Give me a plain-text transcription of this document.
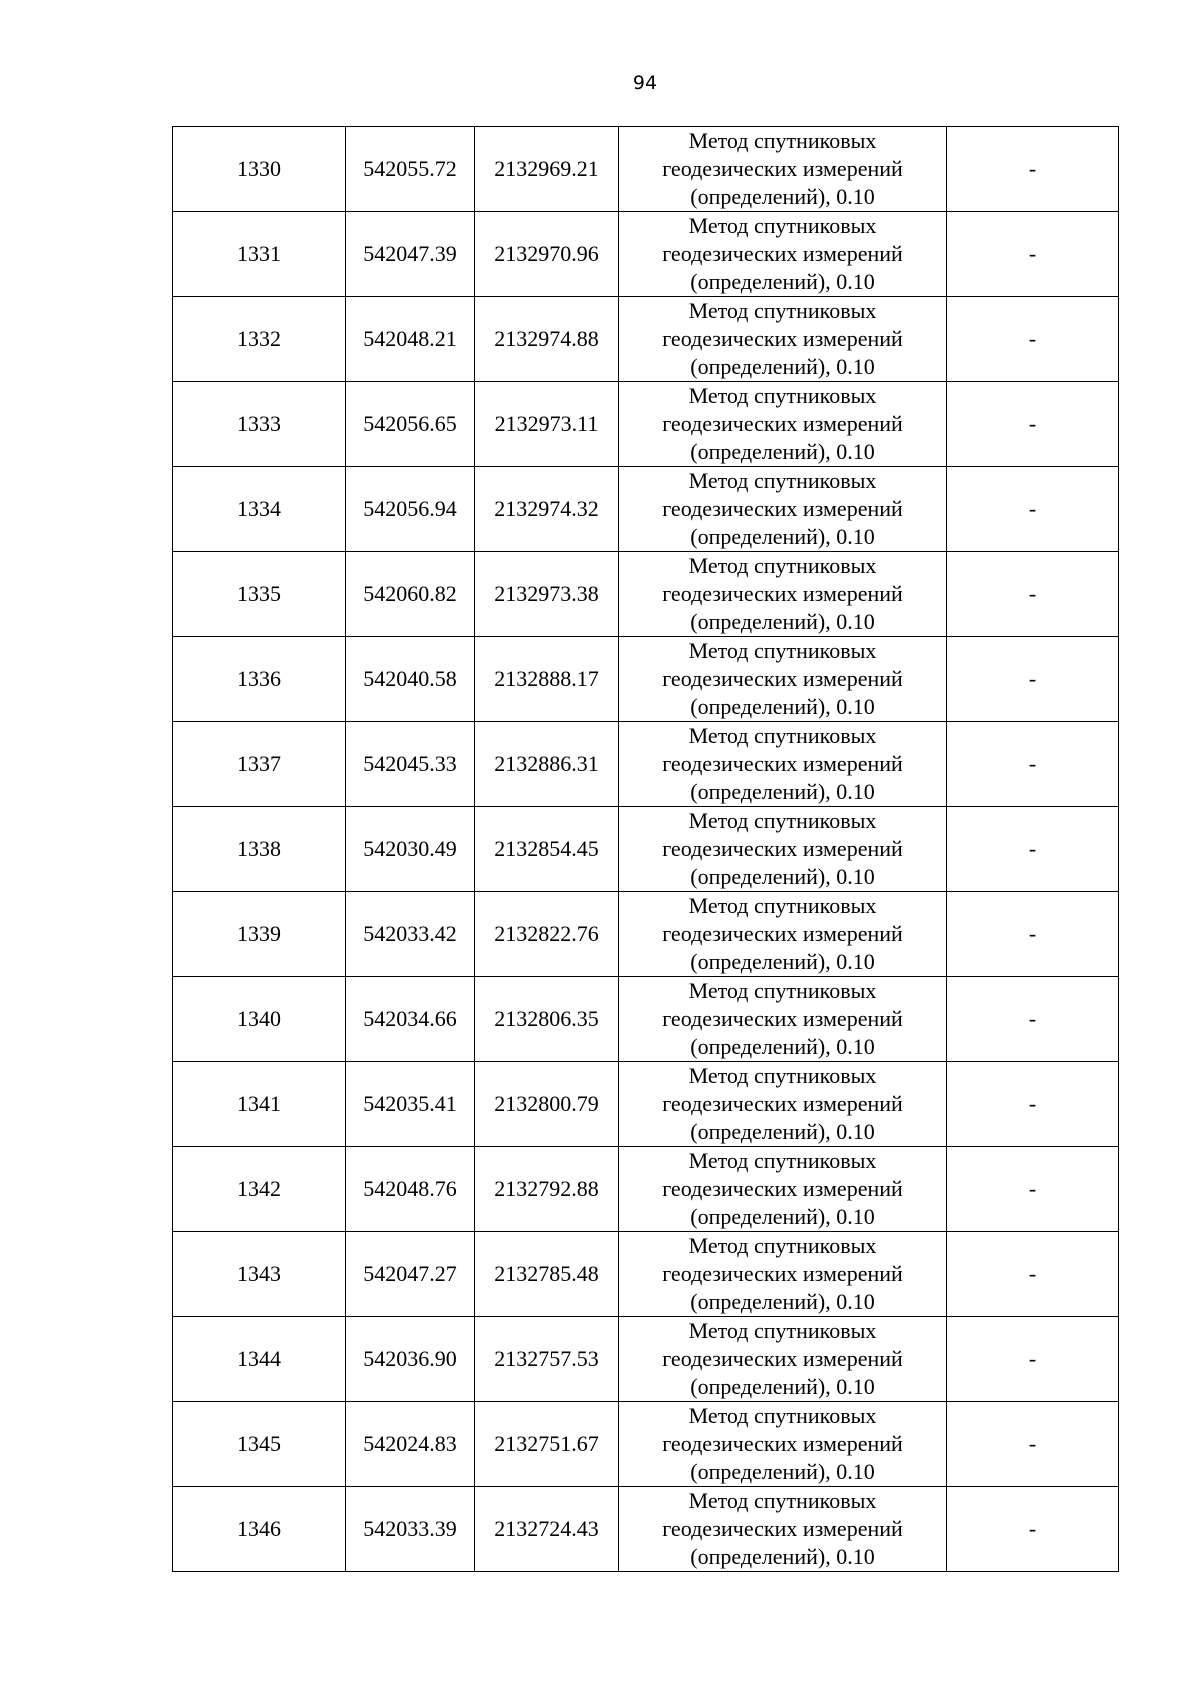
94
1330	542055.72	2132969.21	Метод спутниковых
геодезических измерений
(определений), 0.10	-
1331	542047.39	2132970.96	Метод спутниковых
геодезических измерений
(определений), 0.10	-
1332	542048.21	2132974.88	Метод спутниковых
геодезических измерений
(определений), 0.10	-
1333	542056.65	2132973.11	Метод спутниковых
геодезических измерений
(определений), 0.10	-
1334	542056.94	2132974.32	Метод спутниковых
геодезических измерений
(определений), 0.10	-
1335	542060.82	2132973.38	Метод спутниковых
геодезических измерений
(определений), 0.10	-
1336	542040.58	2132888.17	Метод спутниковых
геодезических измерений
(определений), 0.10	-
1337	542045.33	2132886.31	Метод спутниковых
геодезических измерений
(определений), 0.10	-
1338	542030.49	2132854.45	Метод спутниковых
геодезических измерений
(определений), 0.10	-
1339	542033.42	2132822.76	Метод спутниковых
геодезических измерений
(определений), 0.10	-
1340	542034.66	2132806.35	Метод спутниковых
геодезических измерений
(определений), 0.10	-
1341	542035.41	2132800.79	Метод спутниковых
геодезических измерений
(определений), 0.10	-
1342	542048.76	2132792.88	Метод спутниковых
геодезических измерений
(определений), 0.10	-
1343	542047.27	2132785.48	Метод спутниковых
геодезических измерений
(определений), 0.10	-
1344	542036.90	2132757.53	Метод спутниковых
геодезических измерений
(определений), 0.10	-
1345	542024.83	2132751.67	Метод спутниковых
геодезических измерений
(определений), 0.10	-
1346	542033.39	2132724.43	Метод спутниковых
геодезических измерений
(определений), 0.10	-
